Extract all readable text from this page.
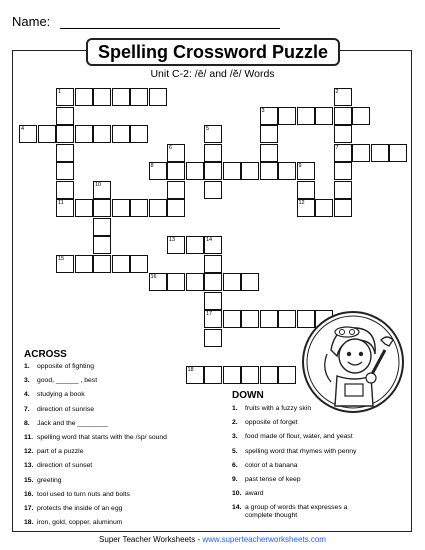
Name:
Spelling Crossword Puzzle
Unit C-2: /ē/ and /ĕ/ Words
1
3
4
7
8	9
11	12
13	14
15
16
17
18
2
5
6
10
ACROSS
1. opposite of fighting
3. good, ______ , best
4. studying a book
7. direction of sunrise
8. Jack and the ________
11. spelling word that starts with the /sp/ sound
12. part of a puzzle
13. direction of sunset
15. greeting
16. tool used to turn nuts and bolts
17. protects the inside of an egg
18. iron, gold, copper, aluminum
DOWN
1. fruits with a fuzzy skin
2. opposite of forget
3. food made of flour, water, and yeast
5. spelling word that rhymes with penny
6. color of a banana
9. past tense of keep
10. award
14. a group of words that expresses a complete thought
Super Teacher Worksheets - www.superteacherworksheets.com
